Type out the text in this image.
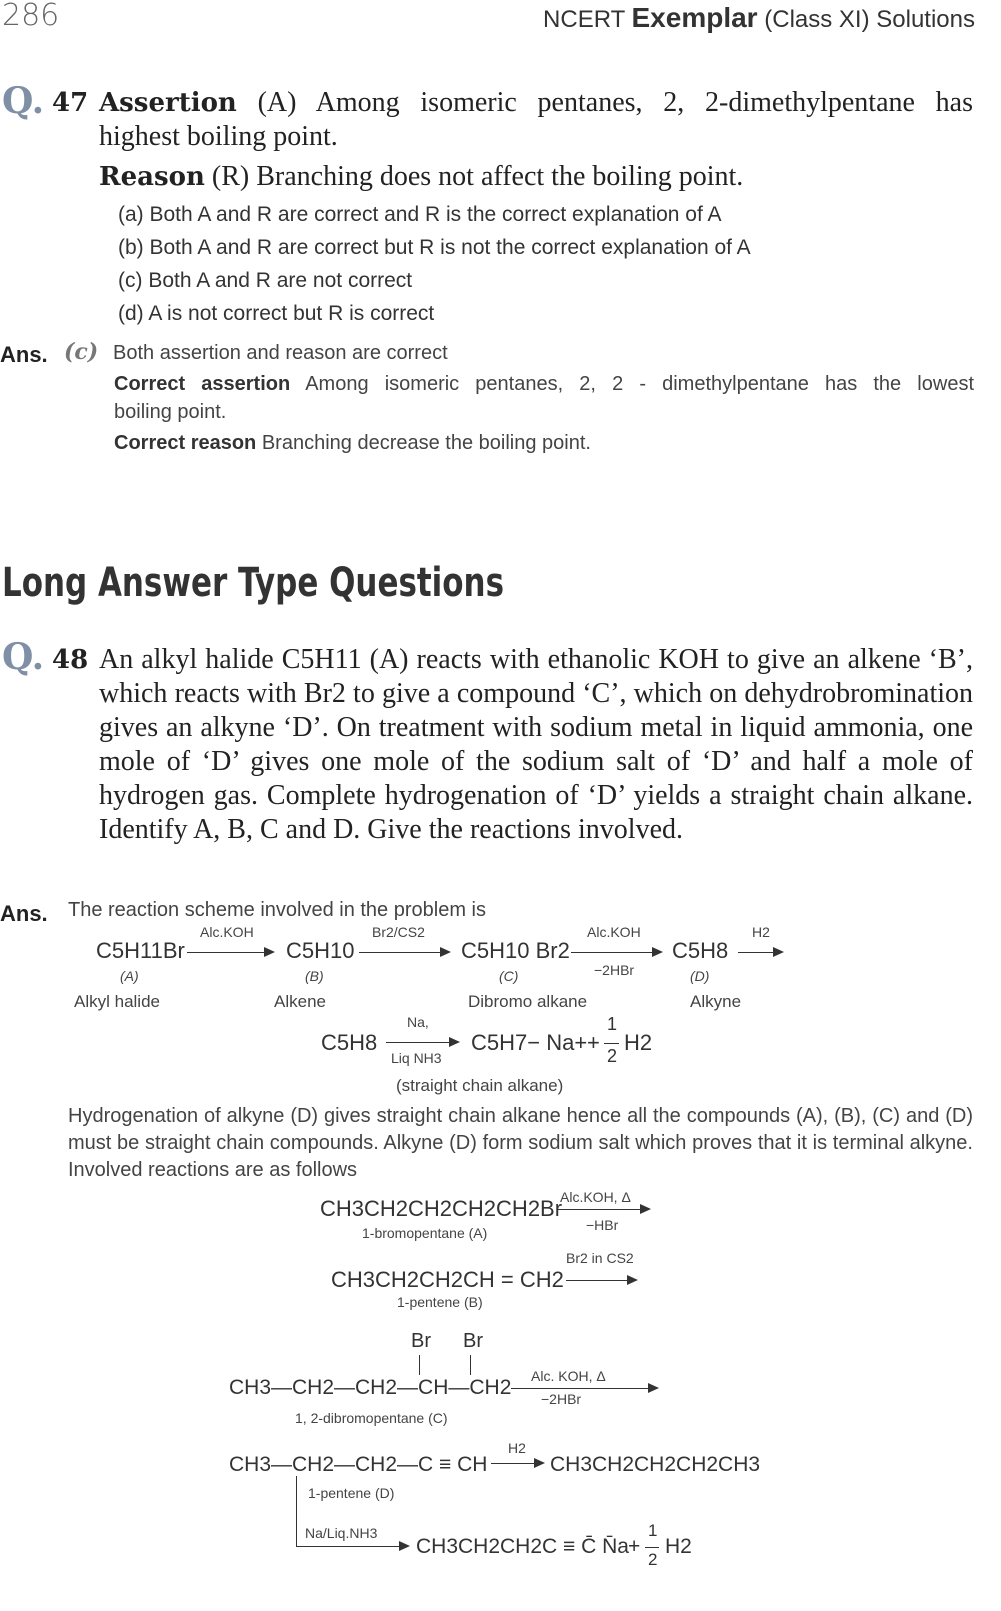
286	NCERT Exemplar (Class XI) Solutions
Q. 47 Assertion (A) Among isomeric pentanes, 2, 2-dimethylpentane has
highest boiling point.
Reason (R) Branching does not affect the boiling point.
(a) Both A and R are correct and R is the correct explanation of A
(b) Both A and R are correct but R is not the correct explanation of A
(c) Both A and R are not correct
(d) A is not correct but R is correct
Ans. (c) Both assertion and reason are correct
Correct assertion Among isomeric pentanes, 2, 2 - dimethylpentane has the lowest
boiling point.
Correct reason Branching decrease the boiling point.
Long Answer Type Questions
Q. 48 An alkyl halide C5H11 (A) reacts with ethanolic KOH to give an alkene ‘B’, which reacts with Br2 to give a compound ‘C’, which on dehydrobromination gives an alkyne ‘D’. On treatment with sodium metal in liquid ammonia, one mole of ‘D’ gives one mole of the sodium salt of ‘D’ and half a mole of hydrogen gas. Complete hydrogenation of ‘D’ yields a straight chain alkane. Identify A, B, C and D. Give the reactions involved.
Ans. The reaction scheme involved in the problem is
C5H11Br
(A)
Alkyl halide
Alc.KOH
C5H10
(B)
Alkene
Br2/CS2
C5H10 Br2
(C)
Dibromo alkane
Alc.KOH
−2HBr
C5H8
(D)
Alkyne
H2
C5H8
Na,
Liq NH3
C5H7− Na+ +
1
2
H2
(straight chain alkane)
Hydrogenation of alkyne (D) gives straight chain alkane hence all the compounds (A), (B), (C) and (D) must be straight chain compounds. Alkyne (D) form sodium salt which proves that it is terminal alkyne. Involved reactions are as follows
CH3CH2CH2CH2CH2Br
1-bromopentane (A)
Alc.KOH, Δ
−HBr
CH3CH2CH2CH = CH2
1-pentene (B)
Br2 in CS2
Br Br
CH3—CH2—CH2—CH—CH2
1, 2-dibromopentane (C)
Alc. KOH, Δ
−2HBr
CH3—CH2—CH2—C ≡ CH
1-pentene (D)
H2
CH3CH2CH2CH2CH3
Na/Liq.NH3
CH3CH2CH2C ≡ C̄ N̄a +
1
2
H2
